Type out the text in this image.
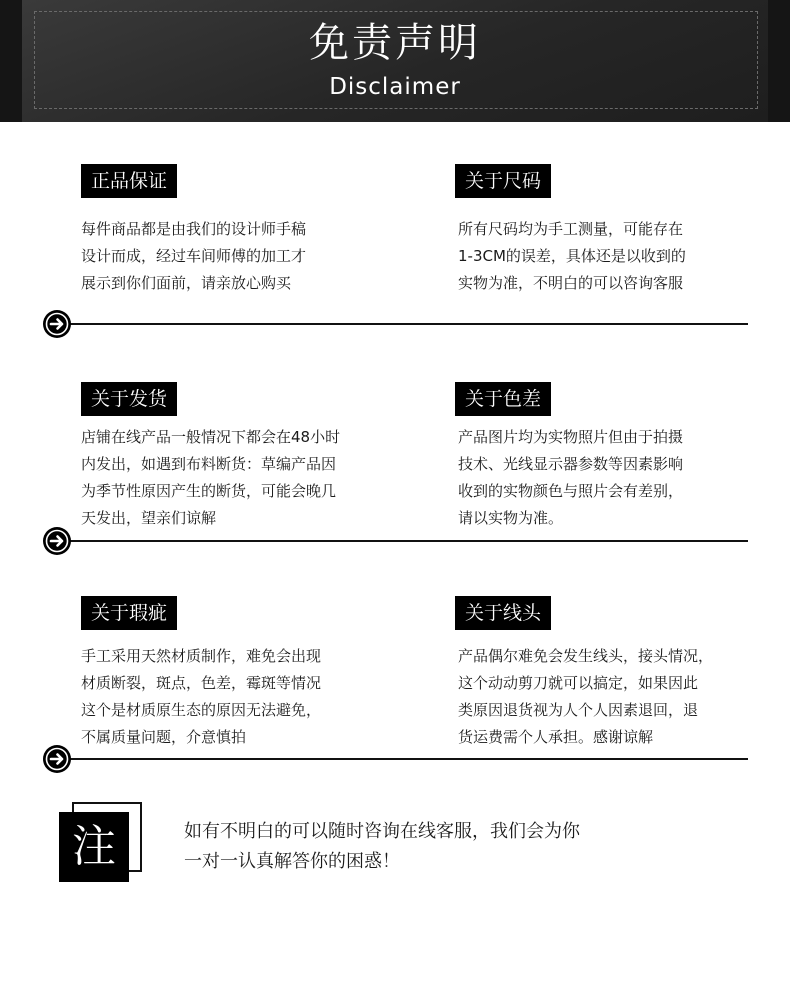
免责声明
Disclaimer
正品保证
每件商品都是由我们的设计师手稿
设计而成，经过车间师傅的加工才
展示到你们面前，请亲放心购买
关于尺码
所有尺码均为手工测量，可能存在
1-3CM的误差，具体还是以收到的
实物为准，不明白的可以咨询客服
关于发货
店铺在线产品一般情况下都会在48小时
内发出，如遇到布料断货：草编产品因
为季节性原因产生的断货，可能会晚几
天发出，望亲们谅解
关于色差
产品图片均为实物照片但由于拍摄
技术、光线显示器参数等因素影响
收到的实物颜色与照片会有差别，
请以实物为准。
关于瑕疵
手工采用天然材质制作，难免会出现
材质断裂，斑点，色差，霉斑等情况
这个是材质原生态的原因无法避免，
不属质量问题，介意慎拍
关于线头
产品偶尔难免会发生线头，接头情况，
这个动动剪刀就可以搞定，如果因此
类原因退货视为人个人因素退回，退
货运费需个人承担。感谢谅解
注	如有不明白的可以随时咨询在线客服，我们会为你
一对一认真解答你的困惑！
